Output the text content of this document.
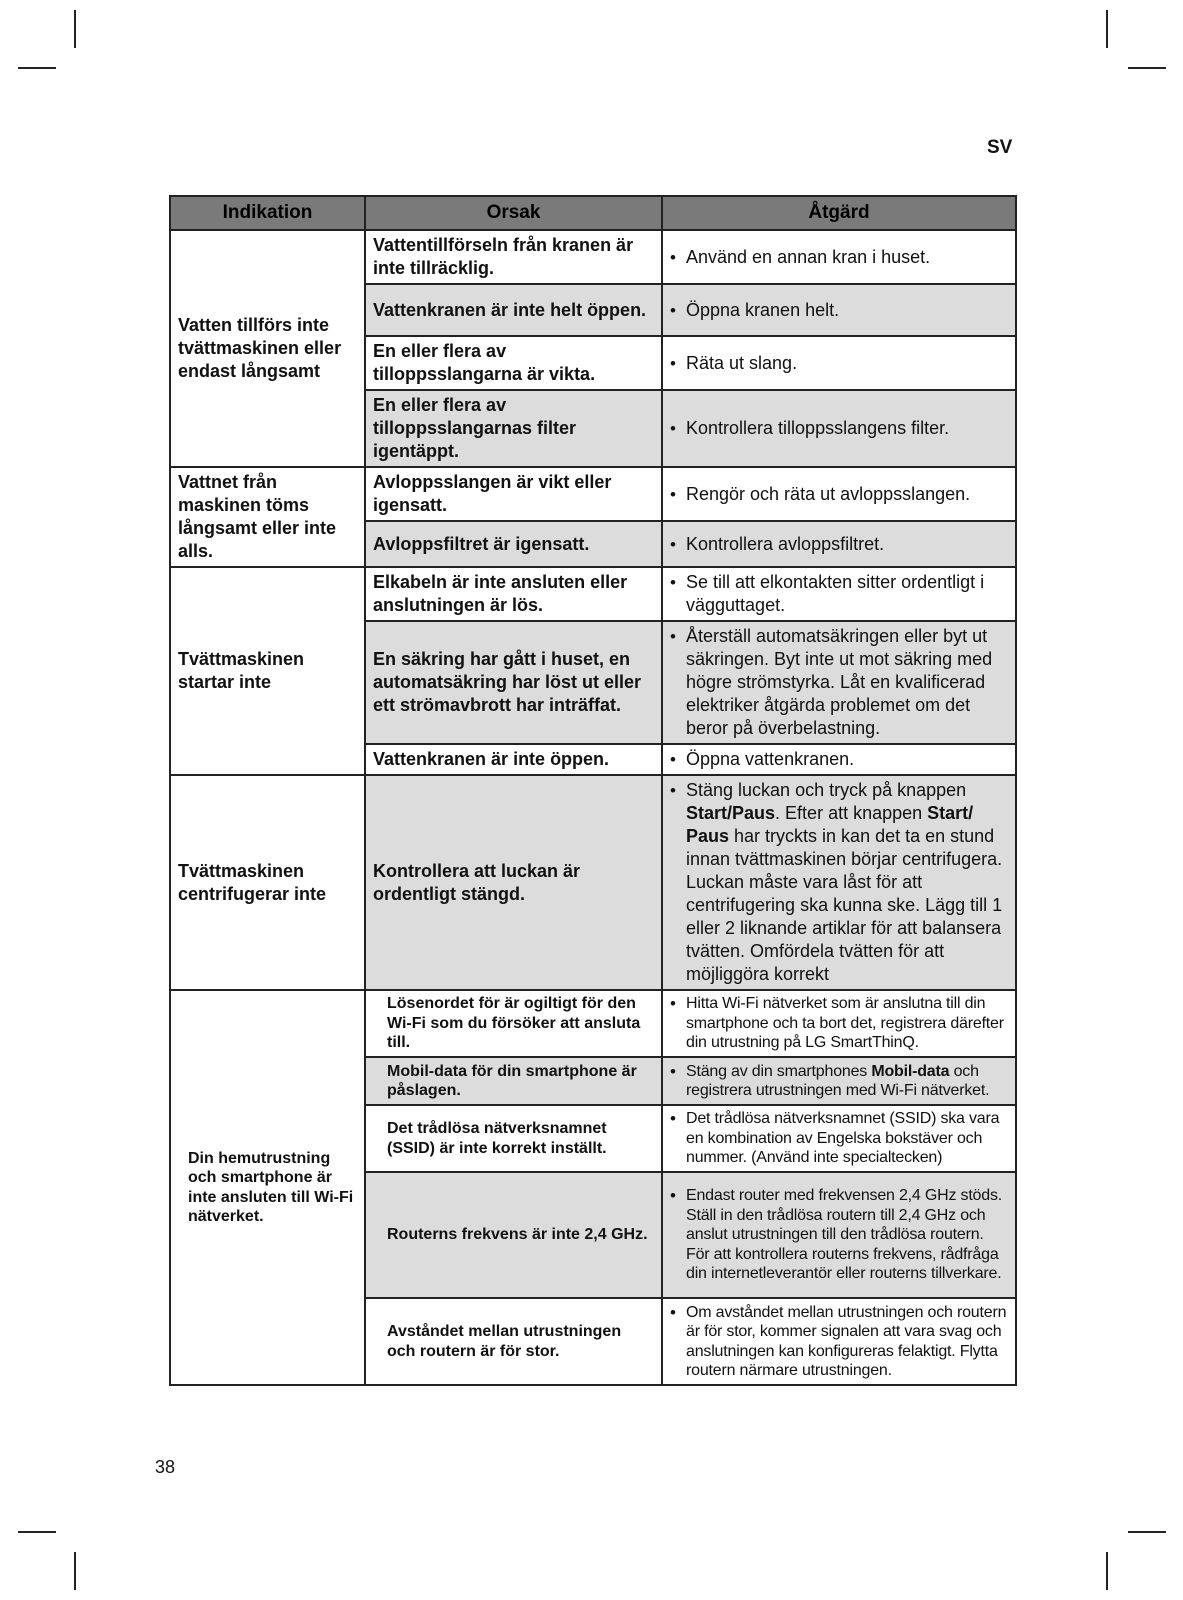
SV
Indikation	Orsak	Åtgärd
Vatten tillförs inte tvättmaskinen eller endast långsamt	Vattentillförseln från kranen är inte tillräcklig.	• Använd en annan kran i huset.

	Vattenkranen är inte helt öppen.	• Öppna kranen helt.

	En eller flera av tilloppsslangarna är vikta.	• Räta ut slang.

	En eller flera av tilloppsslangarnas filter igentäppt.	• Kontrollera tilloppsslangens filter.

Vattnet från maskinen töms långsamt eller inte alls.	Avloppsslangen är vikt eller igensatt.	• Rengör och räta ut avloppsslangen.

	Avloppsfiltret är igensatt.	• Kontrollera avloppsfiltret.

Tvättmaskinen startar inte	Elkabeln är inte ansluten eller anslutningen är lös.	• Se till att elkontakten sitter ordentligt i vägguttaget.

	En säkring har gått i huset, en automatsäkring har löst ut eller ett strömavbrott har inträffat.	• Återställ automatsäkringen eller byt ut säkringen. Byt inte ut mot säkring med högre strömstyrka. Låt en kvalificerad elektriker åtgärda problemet om det beror på överbelastning.

	Vattenkranen är inte öppen.	• Öppna vattenkranen.

Tvättmaskinen centrifugerar inte	Kontrollera att luckan är ordentligt stängd.	• Stäng luckan och tryck på knappen Start/Paus. Efter att knappen Start/ Paus har tryckts in kan det ta en stund innan tvättmaskinen börjar centrifugera. Luckan måste vara låst för att centrifugering ska kunna ske. Lägg till 1 eller 2 liknande artiklar för att balansera tvätten. Omfördela tvätten för att möjliggöra korrekt

Din hemutrustning och smartphone är inte ansluten till Wi-Fi nätverket.	Lösenordet för är ogiltigt för den Wi-Fi som du försöker att ansluta till.	• Hitta Wi-Fi nätverket som är anslutna till din smartphone och ta bort det, registrera därefter din utrustning på LG SmartThinQ.

	Mobil-data för din smartphone är påslagen.	• Stäng av din smartphones Mobil-data och registrera utrustningen med Wi-Fi nätverket.

	Det trådlösa nätverksnamnet (SSID) är inte korrekt inställt.	• Det trådlösa nätverksnamnet (SSID) ska vara en kombination av Engelska bokstäver och nummer. (Använd inte specialtecken)

	Routerns frekvens är inte 2,4 GHz.	• Endast router med frekvensen 2,4 GHz stöds. Ställ in den trådlösa routern till 2,4 GHz och anslut utrustningen till den trådlösa routern. För att kontrollera routerns frekvens, rådfråga din internetleverantör eller routerns tillverkare.

	Avståndet mellan utrustningen och routern är för stor.	• Om avståndet mellan utrustningen och routern är för stor, kommer signalen att vara svag och anslutningen kan konfigureras felaktigt. Flytta routern närmare utrustningen.
38
